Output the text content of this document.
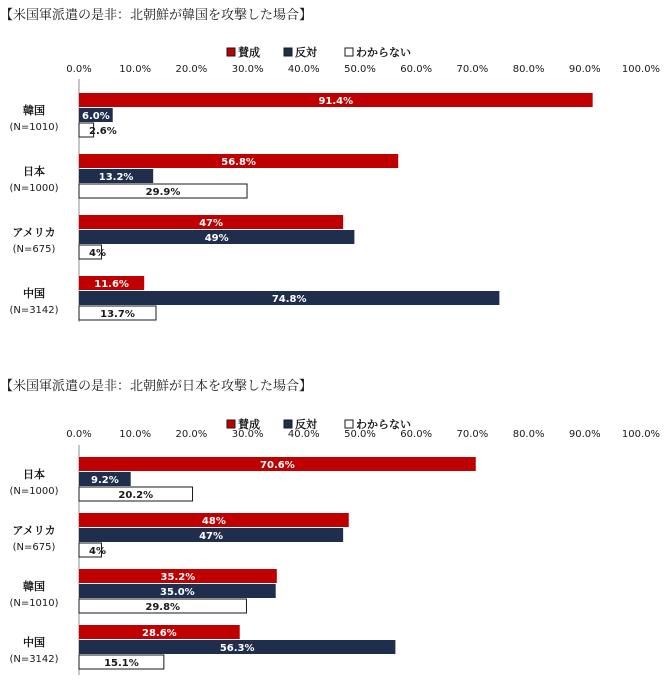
【米国軍派遣の是非：北朝鮮が韓国を攻撃した場合】
賛成	反対	わからない
0.0%	10.0% 20.0% 30.0% 40.0% 50.0% 60.0% 70.0% 80.0% 90.0% 100.0%
韓国
(N=1010)
91.4%
6.0%
2.6%
日本
(N=1000)
56.8%
13.2%
29.9%
アメリカ
(N=675)
47%
49%
4%
中国
(N=3142)
11.6%
74.8%
13.7%
【米国軍派遣の是非：北朝鮮が日本を攻撃した場合】
賛成	反対	わからない
0.0%	10.0% 20.0% 30.0% 40.0% 50.0% 60.0% 70.0% 80.0% 90.0% 100.0%
日本
(N=1000)
70.6%
9.2%
20.2%
アメリカ
(N=675)
48%
47%
4%
韓国
(N=1010)
35.2%
35.0%
29.8%
中国
(N=3142)
28.6%
56.3%
15.1%
